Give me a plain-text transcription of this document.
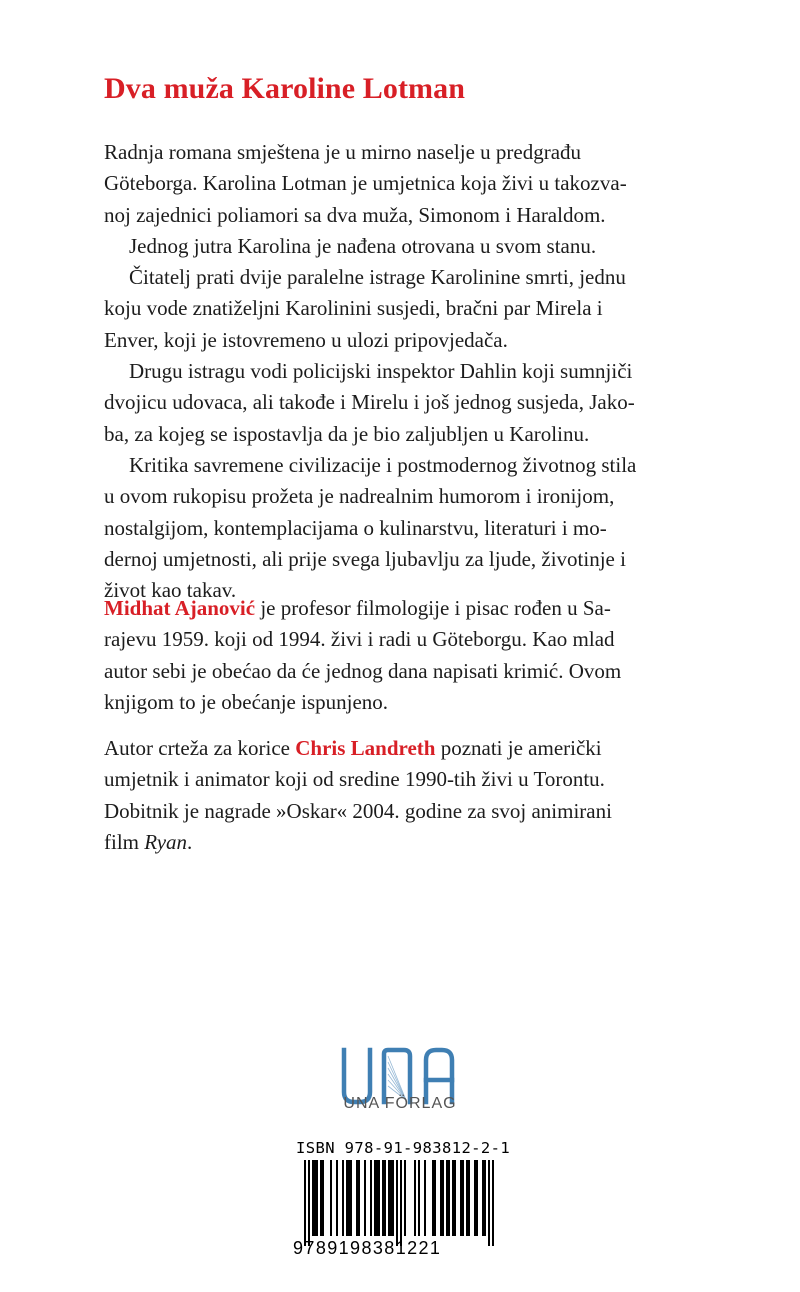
Dva muža Karoline Lotman

Radnja romana smještena je u mirno naselje u predgrađu
Göteborga. Karolina Lotman je umjetnica koja živi u takozva-
noj zajednici poliamori sa dva muža, Simonom i Haraldom.

Jednog jutra Karolina je nađena otrovana u svom stanu.

Čitatelj prati dvije paralelne istrage Karolinine smrti, jednu
koju vode znatiželjni Karolinini susjedi, bračni par Mirela i
Enver, koji je istovremeno u ulozi pripovjedača.

Drugu istragu vodi policijski inspektor Dahlin koji sumnjiči
dvojicu udovaca, ali takođe i Mirelu i još jednog susjeda, Jako-
ba, za kojeg se ispostavlja da je bio zaljubljen u Karolinu.

Kritika savremene civilizacije i postmodernog životnog stila
u ovom rukopisu prožeta je nadrealnim humorom i ironijom,
nostalgijom, kontemplacijama o kulinarstvu, literaturi i mo-
dernoj umjetnosti, ali prije svega ljubavlju za ljude, životinje i
život kao takav.

Midhat Ajanović je profesor filmologije i pisac rođen u Sa-
rajevu 1959. koji od 1994. živi i radi u Göteborgu. Kao mlad
autor sebi je obećao da će jednog dana napisati krimić. Ovom
knjigom to je obećanje ispunjeno.
Autor crteža za korice Chris Landreth poznati je američki
umjetnik i animator koji od sredine 1990-tih živi u Torontu.
Dobitnik je nagrade »Oskar« 2004. godine za svoj animirani
film Ryan.
UNA FÖRLAG
ISBN 978-91-983812-2-1
9789198381221
